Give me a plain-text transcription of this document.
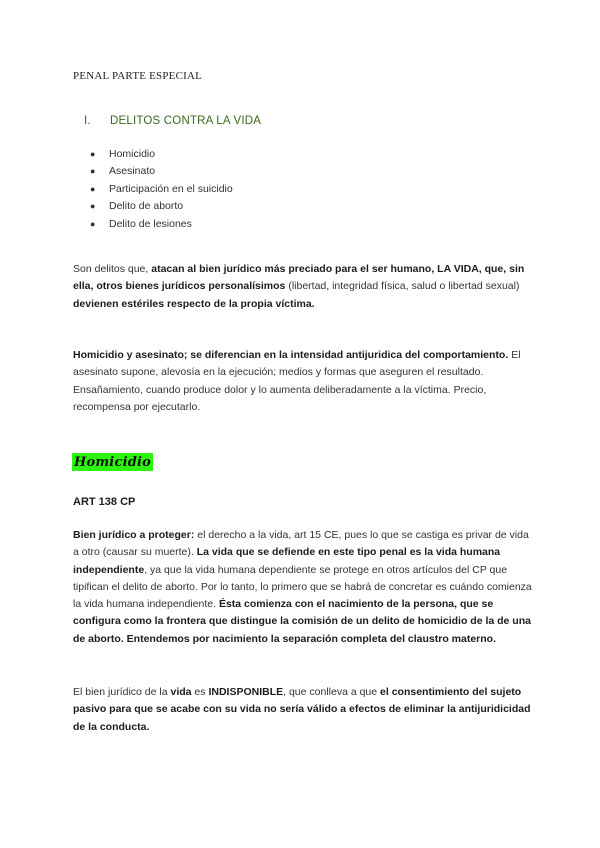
PENAL PARTE ESPECIAL
I. DELITOS CONTRA LA VIDA
● Homicidio
● Asesinato
● Participación en el suicidio
● Delito de aborto
● Delito de lesiones

Son delitos que, atacan al bien jurídico más preciado para el ser humano, LA VIDA, que, sin ella, otros bienes jurídicos personalísimos (libertad, integridad física, salud o libertad sexual) devienen estériles respecto de la propia víctima.

Homicidio y asesinato; se diferencian en la intensidad antijuridica del comportamiento. El asesinato supone, alevosía en la ejecución; medios y formas que aseguren el resultado. Ensañamiento, cuando produce dolor y lo aumenta deliberadamente a la víctima. Precio, recompensa por ejecutarlo.

Homicidio
ART 138 CP

Bien jurídico a proteger: el derecho a la vida, art 15 CE, pues lo que se castiga es privar de vida a otro (causar su muerte). La vida que se defiende en este tipo penal es la vida humana independiente, ya que la vida humana dependiente se protege en otros artículos del CP que tipifican el delito de aborto. Por lo tanto, lo primero que se habrá de concretar es cuándo comienza la vida humana independiente. Ésta comienza con el nacimiento de la persona, que se configura como la frontera que distingue la comisión de un delito de homicidio de la de una de aborto. Entendemos por nacimiento la separación completa del claustro materno.

El bien jurídico de la vida es INDISPONIBLE, que conlleva a que el consentimiento del sujeto pasivo para que se acabe con su vida no sería válido a efectos de eliminar la antijuridicidad de la conducta.
